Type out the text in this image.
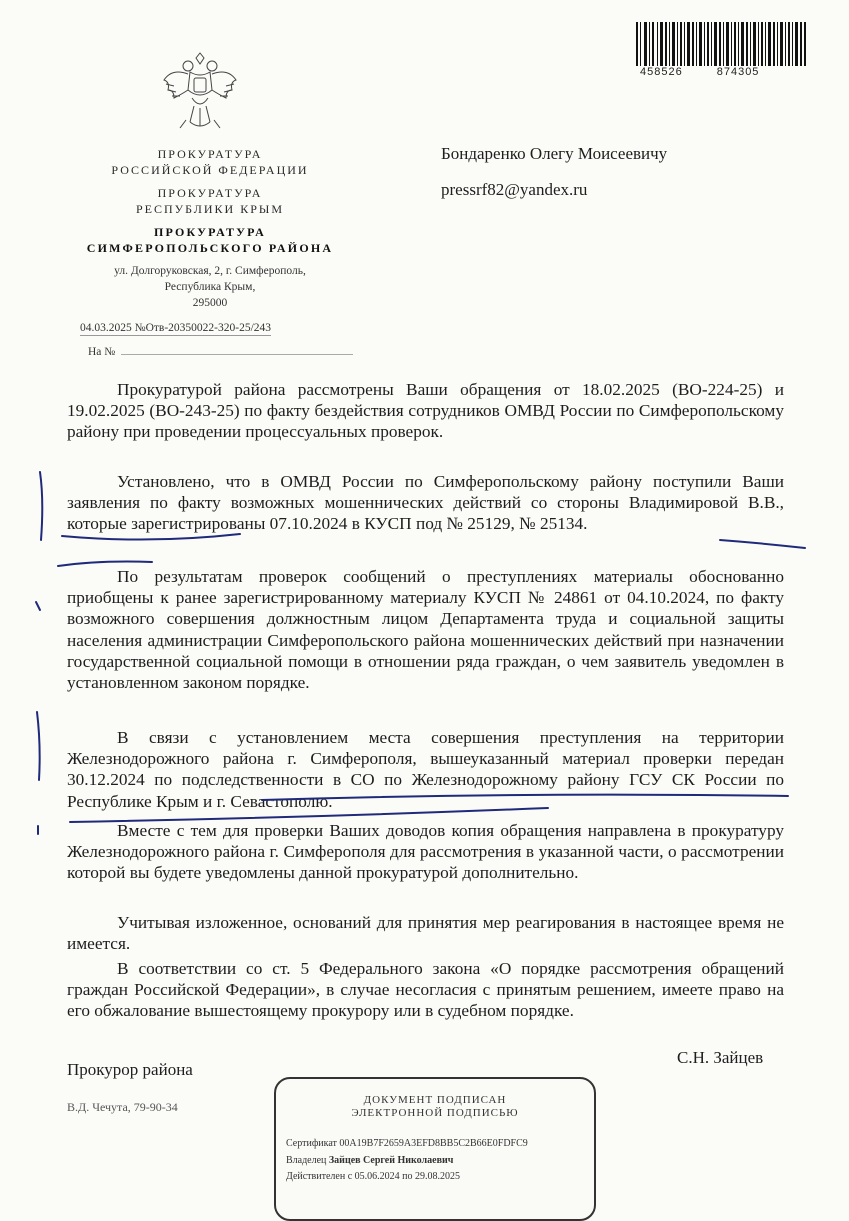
458526	874305
ПРОКУРАТУРА
РОССИЙСКОЙ ФЕДЕРАЦИИ
ПРОКУРАТУРА
РЕСПУБЛИКИ КРЫМ
ПРОКУРАТУРА
СИМФЕРОПОЛЬСКОГО РАЙОНА
ул. Долгоруковская, 2, г. Симферополь,
Республика Крым,
295000
04.03.2025 №Отв-20350022-320-25/243
На №
Бондаренко Олегу Моисеевичу
pressrf82@yandex.ru

Прокуратурой района рассмотрены Ваши обращения от 18.02.2025 (ВО-224-25) и 19.02.2025 (ВО-243-25) по факту бездействия сотрудников ОМВД России по Симферопольскому району при проведении процессуальных проверок.

Установлено, что в ОМВД России по Симферопольскому району поступили Ваши заявления по факту возможных мошеннических действий со стороны Владимировой В.В., которые зарегистрированы 07.10.2024 в КУСП под № 25129, № 25134.

По результатам проверок сообщений о преступлениях материалы обоснованно приобщены к ранее зарегистрированному материалу КУСП № 24861 от 04.10.2024, по факту возможного совершения должностным лицом Департамента труда и социальной защиты населения администрации Симферопольского района мошеннических действий при назначении государственной социальной помощи в отношении ряда граждан, о чем заявитель уведомлен в установленном законом порядке.

В связи с установлением места совершения преступления на территории Железнодорожного района г. Симферополя, вышеуказанный материал проверки передан 30.12.2024 по подследственности в СО по Железнодорожному району ГСУ СК России по Республике Крым и г. Севастополю.

Вместе с тем для проверки Ваших доводов копия обращения направлена в прокуратуру Железнодорожного района г. Симферополя для рассмотрения в указанной части, о рассмотрении которой вы будете уведомлены данной прокуратурой дополнительно.

Учитывая изложенное, оснований для принятия мер реагирования в настоящее время не имеется.

В соответствии со ст. 5 Федерального закона «О порядке рассмотрения обращений граждан Российской Федерации», в случае несогласия с принятым решением, имеете право на его обжалование вышестоящему прокурору или в судебном порядке.

Прокурор района
С.Н. Зайцев
В.Д. Чечута, 79-90-34	ДОКУМЕНТ ПОДПИСАН
ЭЛЕКТРОННОЙ ПОДПИСЬЮ
Сертификат 00A19B7F2659A3EFD8BB5C2B66E0FDFC9
Владелец Зайцев Сергей Николаевич
Действителен с 05.06.2024 по 29.08.2025
